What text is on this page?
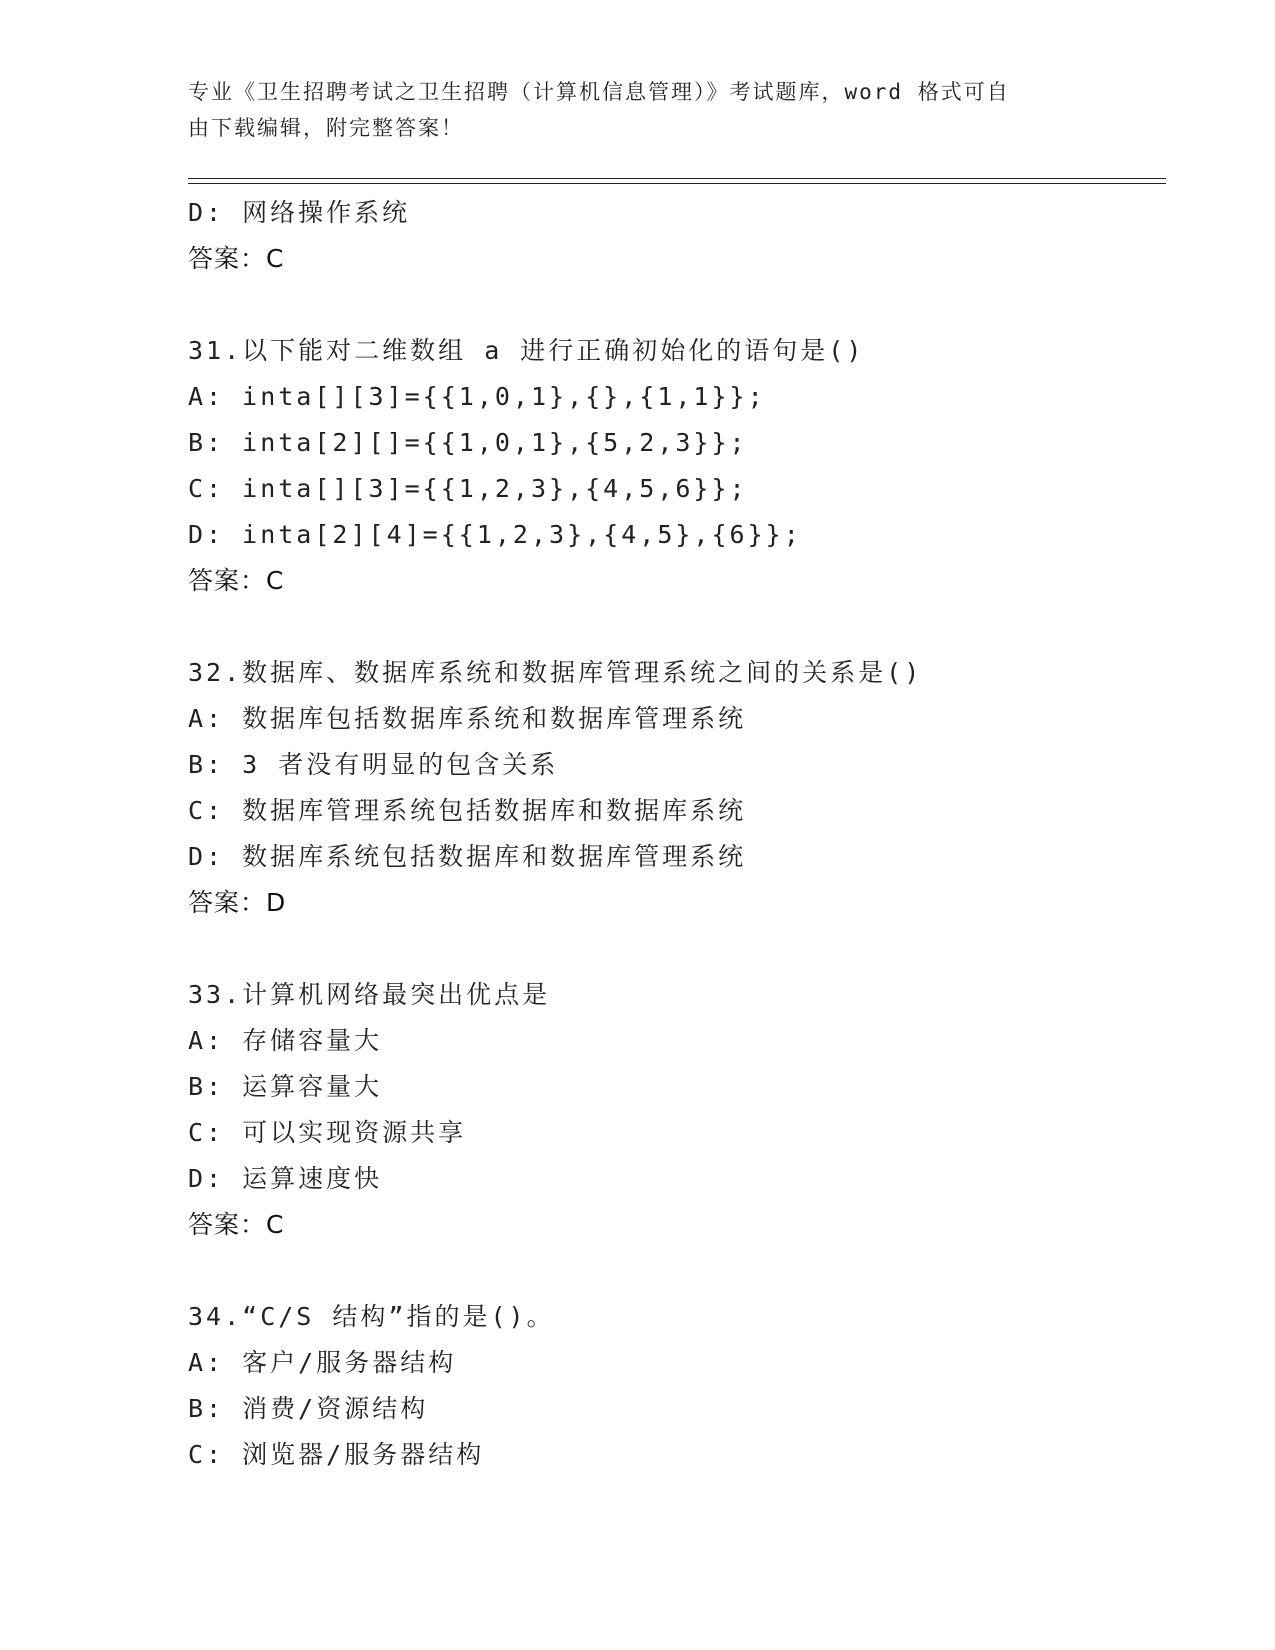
专业《卫生招聘考试之卫生招聘（计算机信息管理）》考试题库，word 格式可自
由下载编辑，附完整答案！
D: 网络操作系统
答案：C
31.以下能对二维数组 a 进行正确初始化的语句是()
A: inta[][3]={{1,0,1},{},{1,1}};
B: inta[2][]={{1,0,1},{5,2,3}};
C: inta[][3]={{1,2,3},{4,5,6}};
D: inta[2][4]={{1,2,3},{4,5},{6}};
答案：C
32.数据库、数据库系统和数据库管理系统之间的关系是()
A: 数据库包括数据库系统和数据库管理系统
B: 3 者没有明显的包含关系
C: 数据库管理系统包括数据库和数据库系统
D: 数据库系统包括数据库和数据库管理系统
答案：D
33.计算机网络最突出优点是
A: 存储容量大
B: 运算容量大
C: 可以实现资源共享
D: 运算速度快
答案：C
34.“C/S 结构”指的是()。
A: 客户/服务器结构
B: 消费/资源结构
C: 浏览器/服务器结构
